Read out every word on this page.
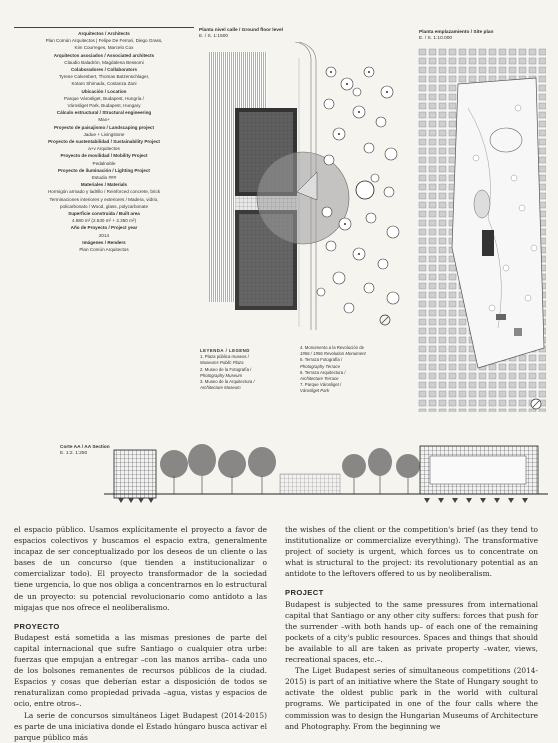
Arquitectos / Architects
Plan Común Arquitectos | Felipe De Ferrari, Diego Grass,
Kim Courreges, Marcelo Cox
Arquitectos asociados / Associated architects
Claudio Baladrón, Magdalena Bessomi
Colaboradores / Collaborators
Tyrene Calvesbert, Thomas Batzenschlager,
Kotaro Shimada, Costanza Zani
Ubicación / Location
Parque Városliget, Budapest, Hungría /
Városliget Park, Budapest, Hungary
Cálculo estructural / Structural engineering
Max+
Proyecto de paisajismo / Landscaping project
Jadue + Livingstone
Proyecto de sustentabilidad / Sustainability Project
a+v Arquitectos
Proyecto de movilidad / Mobility Project
Pedalnoble
Proyecto de iluminación / Lighting Project
Estudio ###
Materiales / Materials
Hormigón armado y ladrillo / Reinforced concrete, brick
Terminaciones interiores y exteriores / Madera, vidrio,
policarbonato / Wood, glass, polycarbonate
Superficie construida / Built area
4.880 m² (2.530 m² + 2.350 m²)
Año de Proyecto / Project year
2014
Imágenes / Renders
Plan Común Arquitectos
Planta nivel calle / Ground floor level
E. / S. 1:1500
Planta emplazamiento / Site plan
E. / S. 1:10.000
LEYENDA / LEGEND
1. Plaza pública museos /
Museums Public Plaza
2. Museo de la Fotografía /
Photography Museum
3. Museo de la Arquitectura /
Architecture Museum
4. Monumento a la Revolución de
1956 / 1956 Revolution Monument
5. Terraza Fotografía /
Photography Terrace
6. Terraza Arquitectura /
Architecture Terrace
7. Parque Városliget /
Városliget Park
Corte AA / AA Section
E. 1:2. 1:250

el espacio público. Usamos explícitamente el proyecto a favor de espacios colectivos y buscamos el espacio extra, generalmente incapaz de ser conceptualizado por los deseos de un cliente o las bases de un concurso (que tienden a institucionalizar o comercializar todo). El proyecto transformador de la sociedad tiene urgencia, lo que nos obliga a concentrarnos en lo estructural de un proyecto: su potencial revolucionario como antídoto a las migajas que nos ofrece el neoliberalismo.

PROYECTO

Budapest está sometida a las mismas presiones de parte del capital internacional que sufre Santiago o cualquier otra urbe: fuerzas que empujan a entregar –con las manos arriba– cada uno de los bolsones remanentes de recursos públicos de la ciudad. Espacios y cosas que deberían estar a disposición de todos se renaturalizan como propiedad privada –agua, vistas y espacios de ocio, entre otros–.

La serie de concursos simultáneos Liget Budapest (2014-2015) es parte de una iniciativa donde el Estado húngaro busca activar el parque público más

the wishes of the client or the competition's brief (as they tend to institutionalize or commercialize everything). The transformative project of society is urgent, which forces us to concentrate on what is structural to the project: its revolutionary potential as an antidote to the leftovers offered to us by neoliberalism.

PROJECT

Budapest is subjected to the same pressures from international capital that Santiago or any other city suffers: forces that push for the surrender –with both hands up– of each one of the remaining pockets of a city's public resources. Spaces and things that should be available to all are taken as private property –water, views, recreational spaces, etc.–.

The Liget Budapest series of simultaneous competitions (2014-2015) is part of an initiative where the State of Hungary sought to activate the oldest public park in the world with cultural programs. We participated in one of the four calls where the commission was to design the Hungarian Museums of Architecture and Photography. From the beginning we
